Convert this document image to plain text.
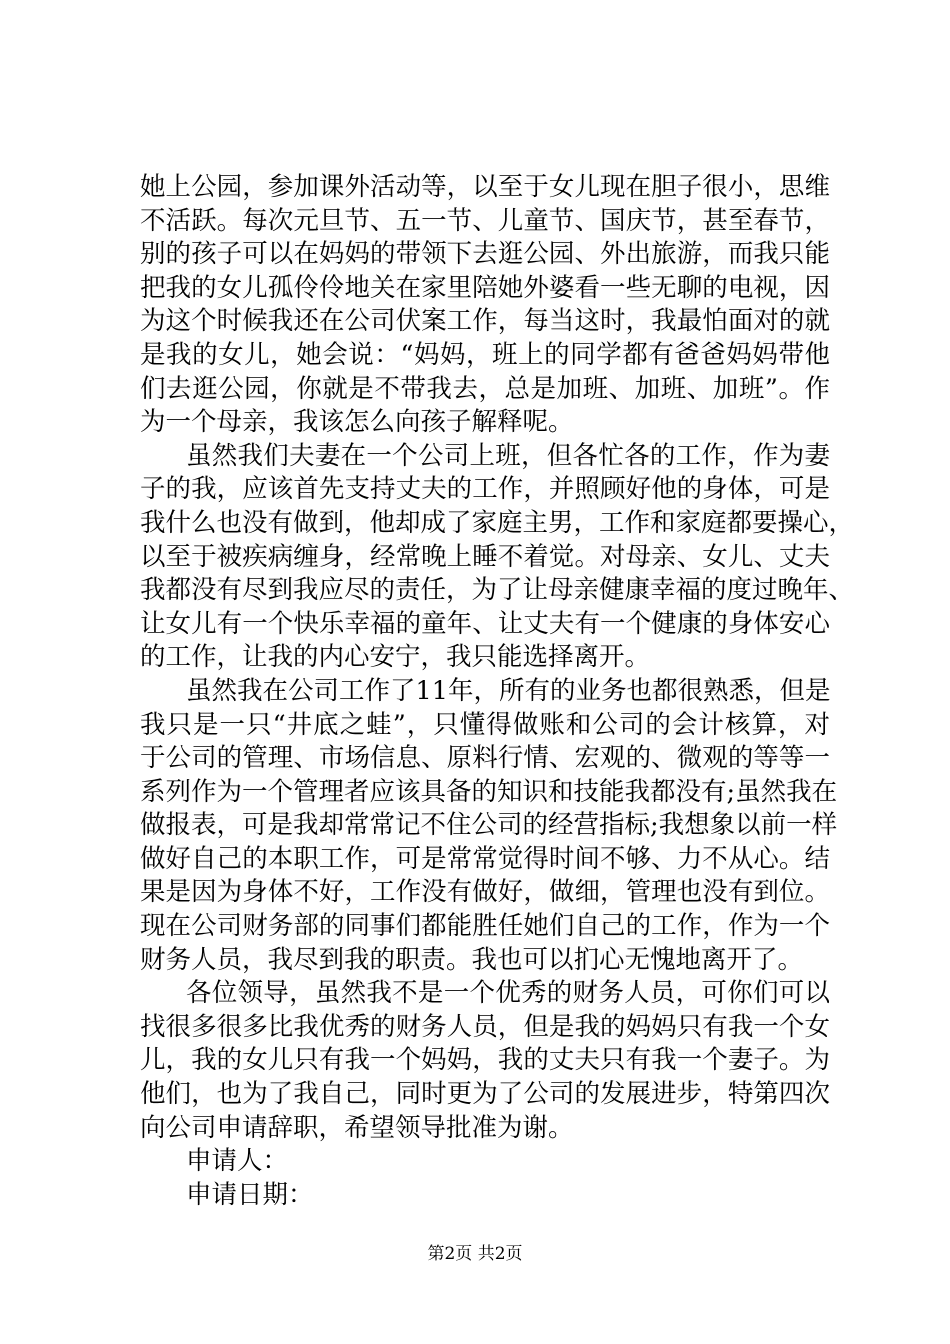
她上公园，参加课外活动等，以至于女儿现在胆子很小，思维
不活跃。每次元旦节、五一节、儿童节、国庆节，甚至春节，
别的孩子可以在妈妈的带领下去逛公园、外出旅游，而我只能
把我的女儿孤伶伶地关在家里陪她外婆看一些无聊的电视，因
为这个时候我还在公司伏案工作，每当这时，我最怕面对的就
是我的女儿，她会说：“妈妈，班上的同学都有爸爸妈妈带他
们去逛公园，你就是不带我去，总是加班、加班、加班”。作
为一个母亲，我该怎么向孩子解释呢。

虽然我们夫妻在一个公司上班，但各忙各的工作，作为妻
子的我，应该首先支持丈夫的工作，并照顾好他的身体，可是
我什么也没有做到，他却成了家庭主男，工作和家庭都要操心，
以至于被疾病缠身，经常晚上睡不着觉。对母亲、女儿、丈夫
我都没有尽到我应尽的责任，为了让母亲健康幸福的度过晚年、
让女儿有一个快乐幸福的童年、让丈夫有一个健康的身体安心
的工作，让我的内心安宁，我只能选择离开。

虽然我在公司工作了11年，所有的业务也都很熟悉，但是
我只是一只“井底之蛙”，只懂得做账和公司的会计核算，对
于公司的管理、市场信息、原料行情、宏观的、微观的等等一
系列作为一个管理者应该具备的知识和技能我都没有;虽然我在
做报表，可是我却常常记不住公司的经营指标;我想象以前一样
做好自己的本职工作，可是常常觉得时间不够、力不从心。结
果是因为身体不好，工作没有做好，做细，管理也没有到位。
现在公司财务部的同事们都能胜任她们自己的工作，作为一个
财务人员，我尽到我的职责。我也可以扪心无愧地离开了。

各位领导，虽然我不是一个优秀的财务人员，可你们可以
找很多很多比我优秀的财务人员，但是我的妈妈只有我一个女
儿，我的女儿只有我一个妈妈，我的丈夫只有我一个妻子。为
他们，也为了我自己，同时更为了公司的发展进步，特第四次
向公司申请辞职，希望领导批准为谢。

申请人：
申请日期：

第2页 共2页
